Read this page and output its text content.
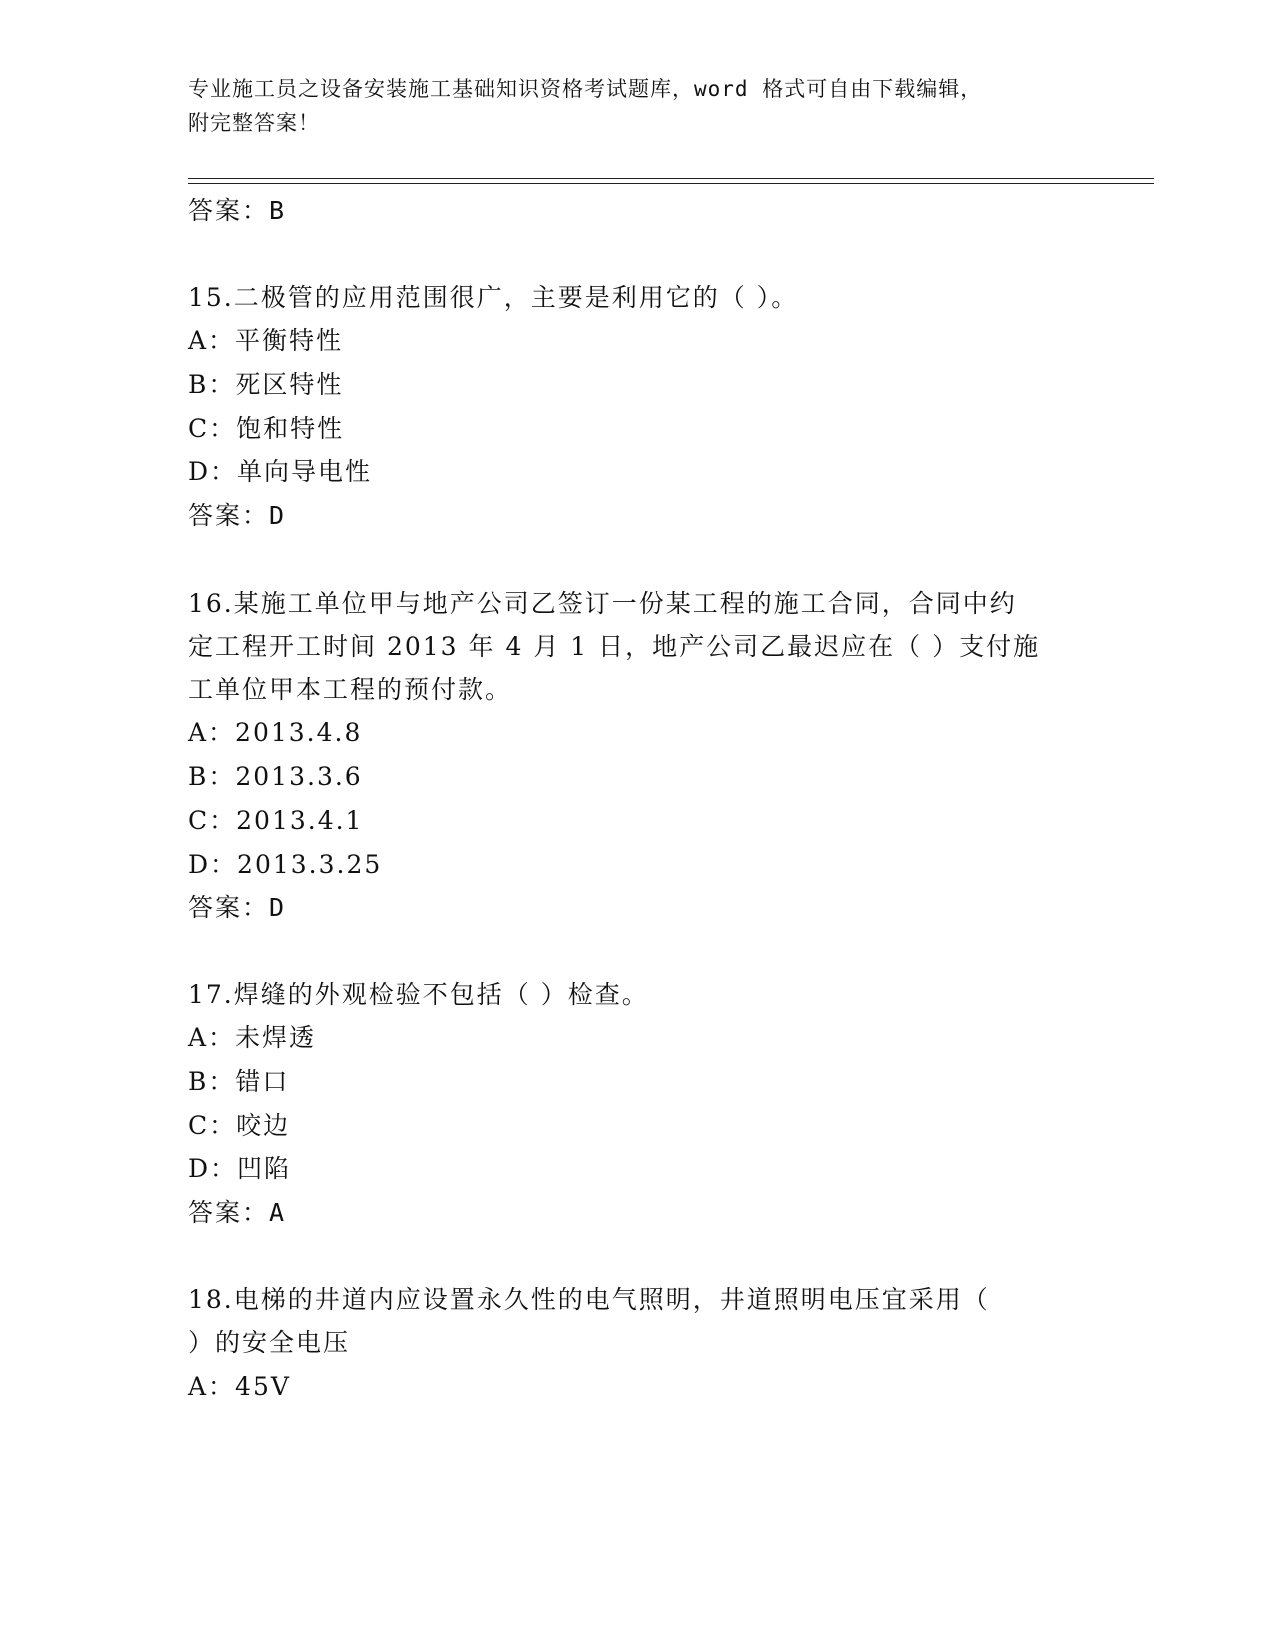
专业施工员之设备安装施工基础知识资格考试题库，word 格式可自由下载编辑，
附完整答案！
答案：B
15.二极管的应用范围很广，主要是利用它的（ ）。
A：平衡特性
B：死区特性
C：饱和特性
D：单向导电性
答案：D
16.某施工单位甲与地产公司乙签订一份某工程的施工合同，合同中约
定工程开工时间 2013 年 4 月 1 日，地产公司乙最迟应在（ ）支付施
工单位甲本工程的预付款。
A：2013.4.8
B：2013.3.6
C：2013.4.1
D：2013.3.25
答案：D
17.焊缝的外观检验不包括（ ）检查。
A：未焊透
B：错口
C：咬边
D：凹陷
答案：A
18.电梯的井道内应设置永久性的电气照明，井道照明电压宜采用（
）的安全电压
A：45V
